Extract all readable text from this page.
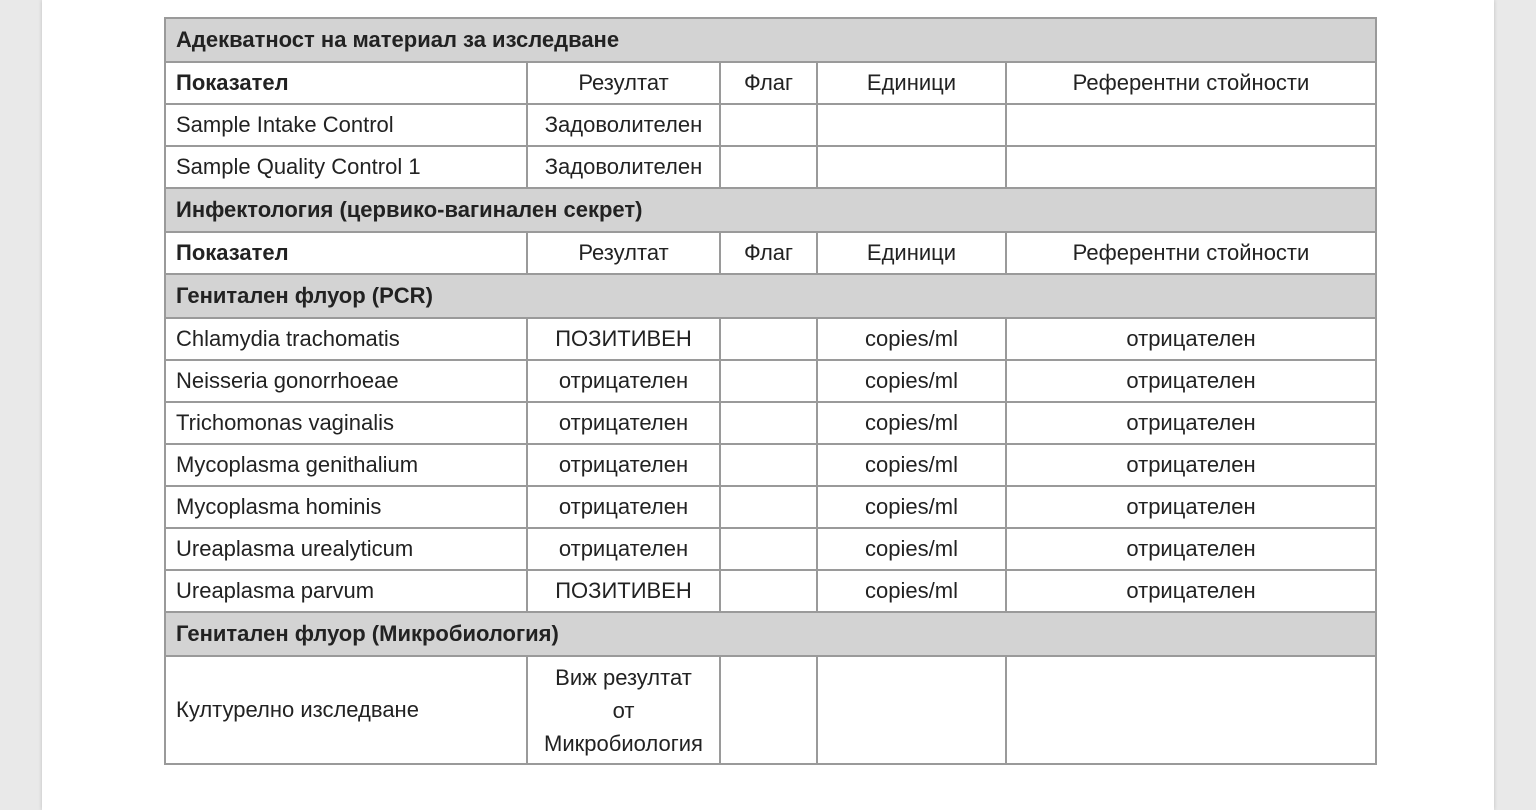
Адекватност на материал за изследване				
Показател	Резултат	Флаг	Единици	Референтни стойности
Sample Intake Control	Задоволителен			
Sample Quality Control 1	Задоволителен			
Инфектология (цервико-вагинален секрет)				
Показател	Резултат	Флаг	Единици	Референтни стойности
Генитален флуор (PCR)				
Chlamydia trachomatis	ПОЗИТИВЕН		copies/ml	отрицателен
Neisseria gonorrhoeae	отрицателен		copies/ml	отрицателен
Trichomonas vaginalis	отрицателен		copies/ml	отрицателен
Mycoplasma genithalium	отрицателен		copies/ml	отрицателен
Mycoplasma hominis	отрицателен		copies/ml	отрицателен
Ureaplasma urealyticum	отрицателен		copies/ml	отрицателен
Ureaplasma parvum	ПОЗИТИВЕН		copies/ml	отрицателен
Генитален флуор (Микробиология)				
Културелно изследване	Виж резултат
от
Микробиология			
